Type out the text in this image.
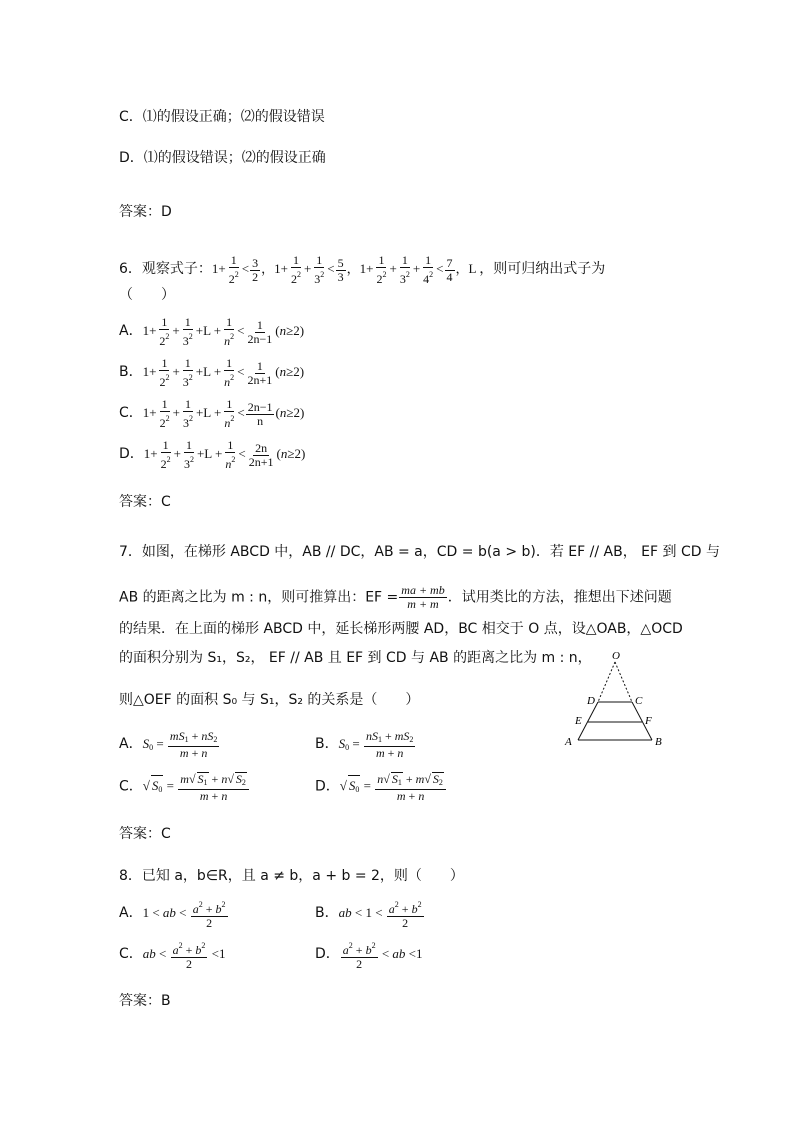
C．⑴的假设正确；⑵的假设错误
D．⑴的假设错误；⑵的假设正确
答案：D
6．观察式子：$1+ \frac{1}{2^2} < \frac{3}{2}$ ，$1+ \frac{1}{2^2} + \frac{1}{3^2} < \frac{5}{3}$ ，$1+ \frac{1}{2^2} + \frac{1}{3^2} + \frac{1}{4^2} < \frac{7}{4}$ ，L ，则可归纳出式子为
（　　）
A．$1+ \frac{1}{2^2} + \frac{1}{3^2} +L + \frac{1}{n^2} < \frac{1}{2n-1} (n\ge 2)$
B．$1+ \frac{1}{2^2} + \frac{1}{3^2} +L + \frac{1}{n^2} < \frac{1}{2n+1} (n\ge 2)$
C．$1+ \frac{1}{2^2} + \frac{1}{3^2} +L + \frac{1}{n^2} < \frac{2n-1}{n} (n\ge 2)$
D．$1+ \frac{1}{2^2} + \frac{1}{3^2} +L + \frac{1}{n^2} < \frac{2n}{2n+1} (n\ge 2)$
答案：C
7．如图，在梯形 ABCD 中，AB // DC，AB = a，CD = b(a > b)．若 EF // AB， EF 到 CD 与
AB 的距离之比为 m : n，则可推算出：EF = $\frac{ma + mb}{m + m}$ ．试用类比的方法，推想出下述问题
的结果．在上面的梯形 ABCD 中，延长梯形两腰 AD，BC 相交于 O 点，设△OAB，△OCD
的面积分别为 S₁，S₂， EF // AB 且 EF 到 CD 与 AB 的距离之比为 m : n，
则△OEF 的面积 S₀ 与 S₁，S₂ 的关系是（　　）
A．$S_0 = \frac{mS_1 + nS_2}{m + n}$	B．$S_0 = \frac{nS_1 + mS_2}{m + n}$
C．√ $S_0 = \frac{m√ S_1 + n√ S_2}{m + n}$	D．√ $S_0 = \frac{n√ S_1 + m√ S_2}{m + n}$
答案：C
O
D	C
E	F
A	B
8．已知 a，b∈R，且 a ≠ b，a + b = 2，则（　　）
A．1 < ab < $\frac{a^2 + b^2}{2}$	B．ab < $1 < \frac{a^2 + b^2}{2}$
C．ab < $\frac{a^2 + b^2}{2} <1$	D． $\frac{a^2 + b^2}{2}$ < ab <1
答案：B
